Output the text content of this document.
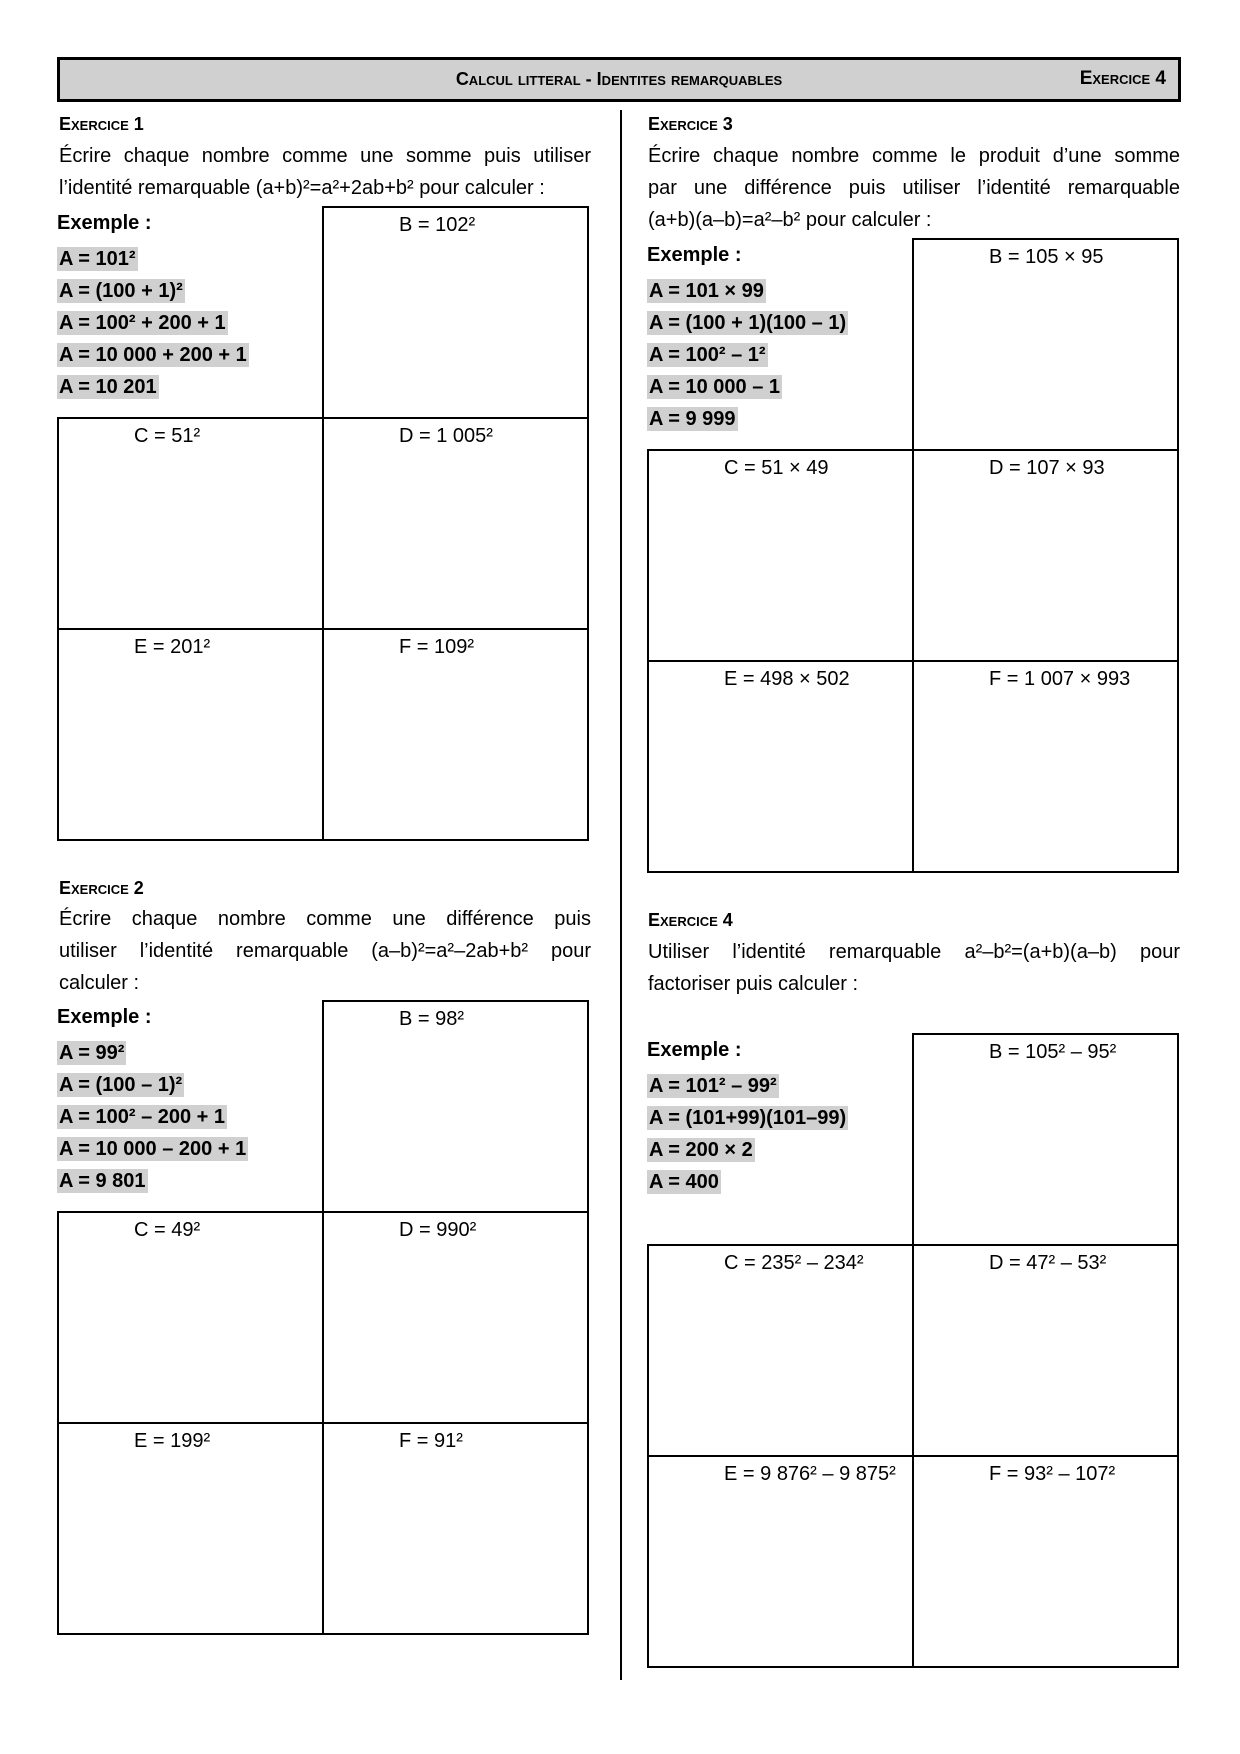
Calcul litteral - Identites remarquables	Exercice 4
Exercice 1
Écrire chaque nombre comme une somme puis utiliser
l’identité remarquable (a+b)²=a²+2ab+b² pour calculer :
Exemple :
A = 101²
A = (100 + 1)²
A = 100² + 200 + 1
A = 10 000 + 200 + 1
A = 10 201
B = 102²
C = 51²	D = 1 005²
E = 201²	F = 109²
Exercice 2
Écrire chaque nombre comme une différence puis
utiliser l’identité remarquable (a–b)²=a²–2ab+b² pour
calculer :
Exemple :
A = 99²
A = (100 – 1)²
A = 100² – 200 + 1
A = 10 000 – 200 + 1
A = 9 801
B = 98²
C = 49²	D = 990²
E = 199²	F = 91²
Exercice 3
Écrire chaque nombre comme le produit d’une somme
par une différence puis utiliser l’identité remarquable
(a+b)(a–b)=a²–b² pour calculer :
Exemple :
A = 101 × 99
A = (100 + 1)(100 – 1)
A = 100² – 1²
A = 10 000 – 1
A = 9 999
B = 105 × 95
C = 51 × 49	D = 107 × 93
E = 498 × 502	F = 1 007 × 993
Exercice 4
Utiliser l’identité remarquable a²–b²=(a+b)(a–b) pour
factoriser puis calculer :
Exemple :
A = 101² – 99²
A = (101+99)(101–99)
A = 200 × 2
A = 400
B = 105² – 95²
C = 235² – 234²	D = 47² – 53²
E = 9 876² – 9 875²	F = 93² – 107²
